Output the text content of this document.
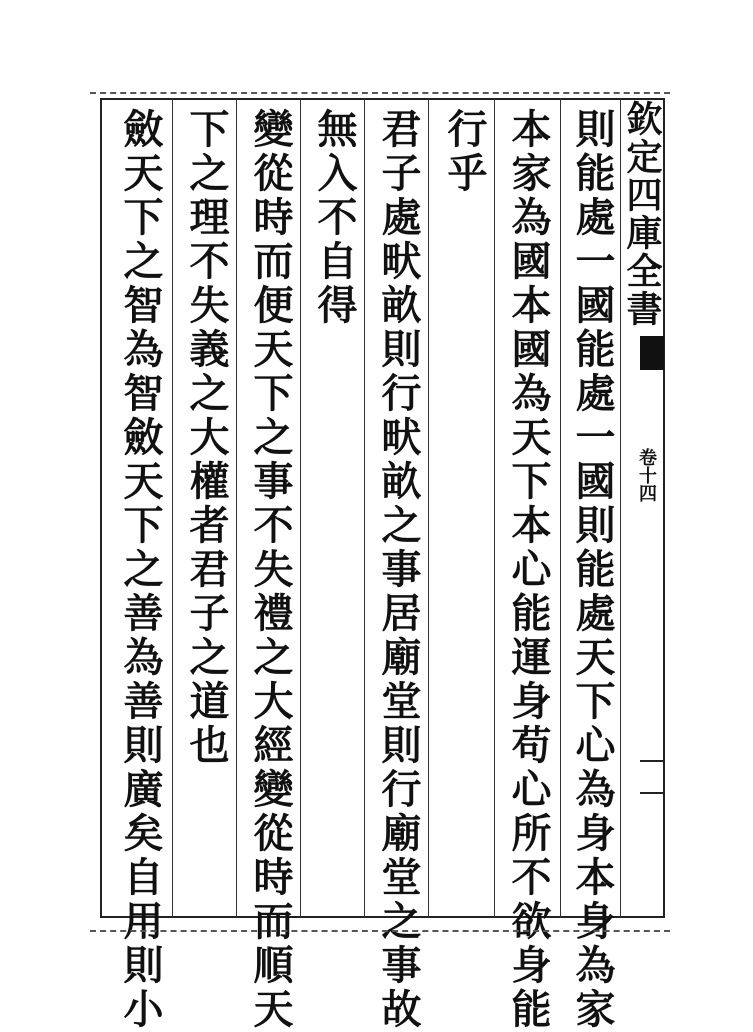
則能處一國能處一國則能處天下心為身本身為家
本家為國本國為天下本心能運身苟心所不欲身能
行乎
君子處畎畝則行畎畝之事居廟堂則行廟堂之事故
無入不自得
變從時而便天下之事不失禮之大經變從時而順天
下之理不失義之大權者君子之道也
斂天下之智為智斂天下之善為善則廣矣自用則小	欽定四庫全書
卷十四
